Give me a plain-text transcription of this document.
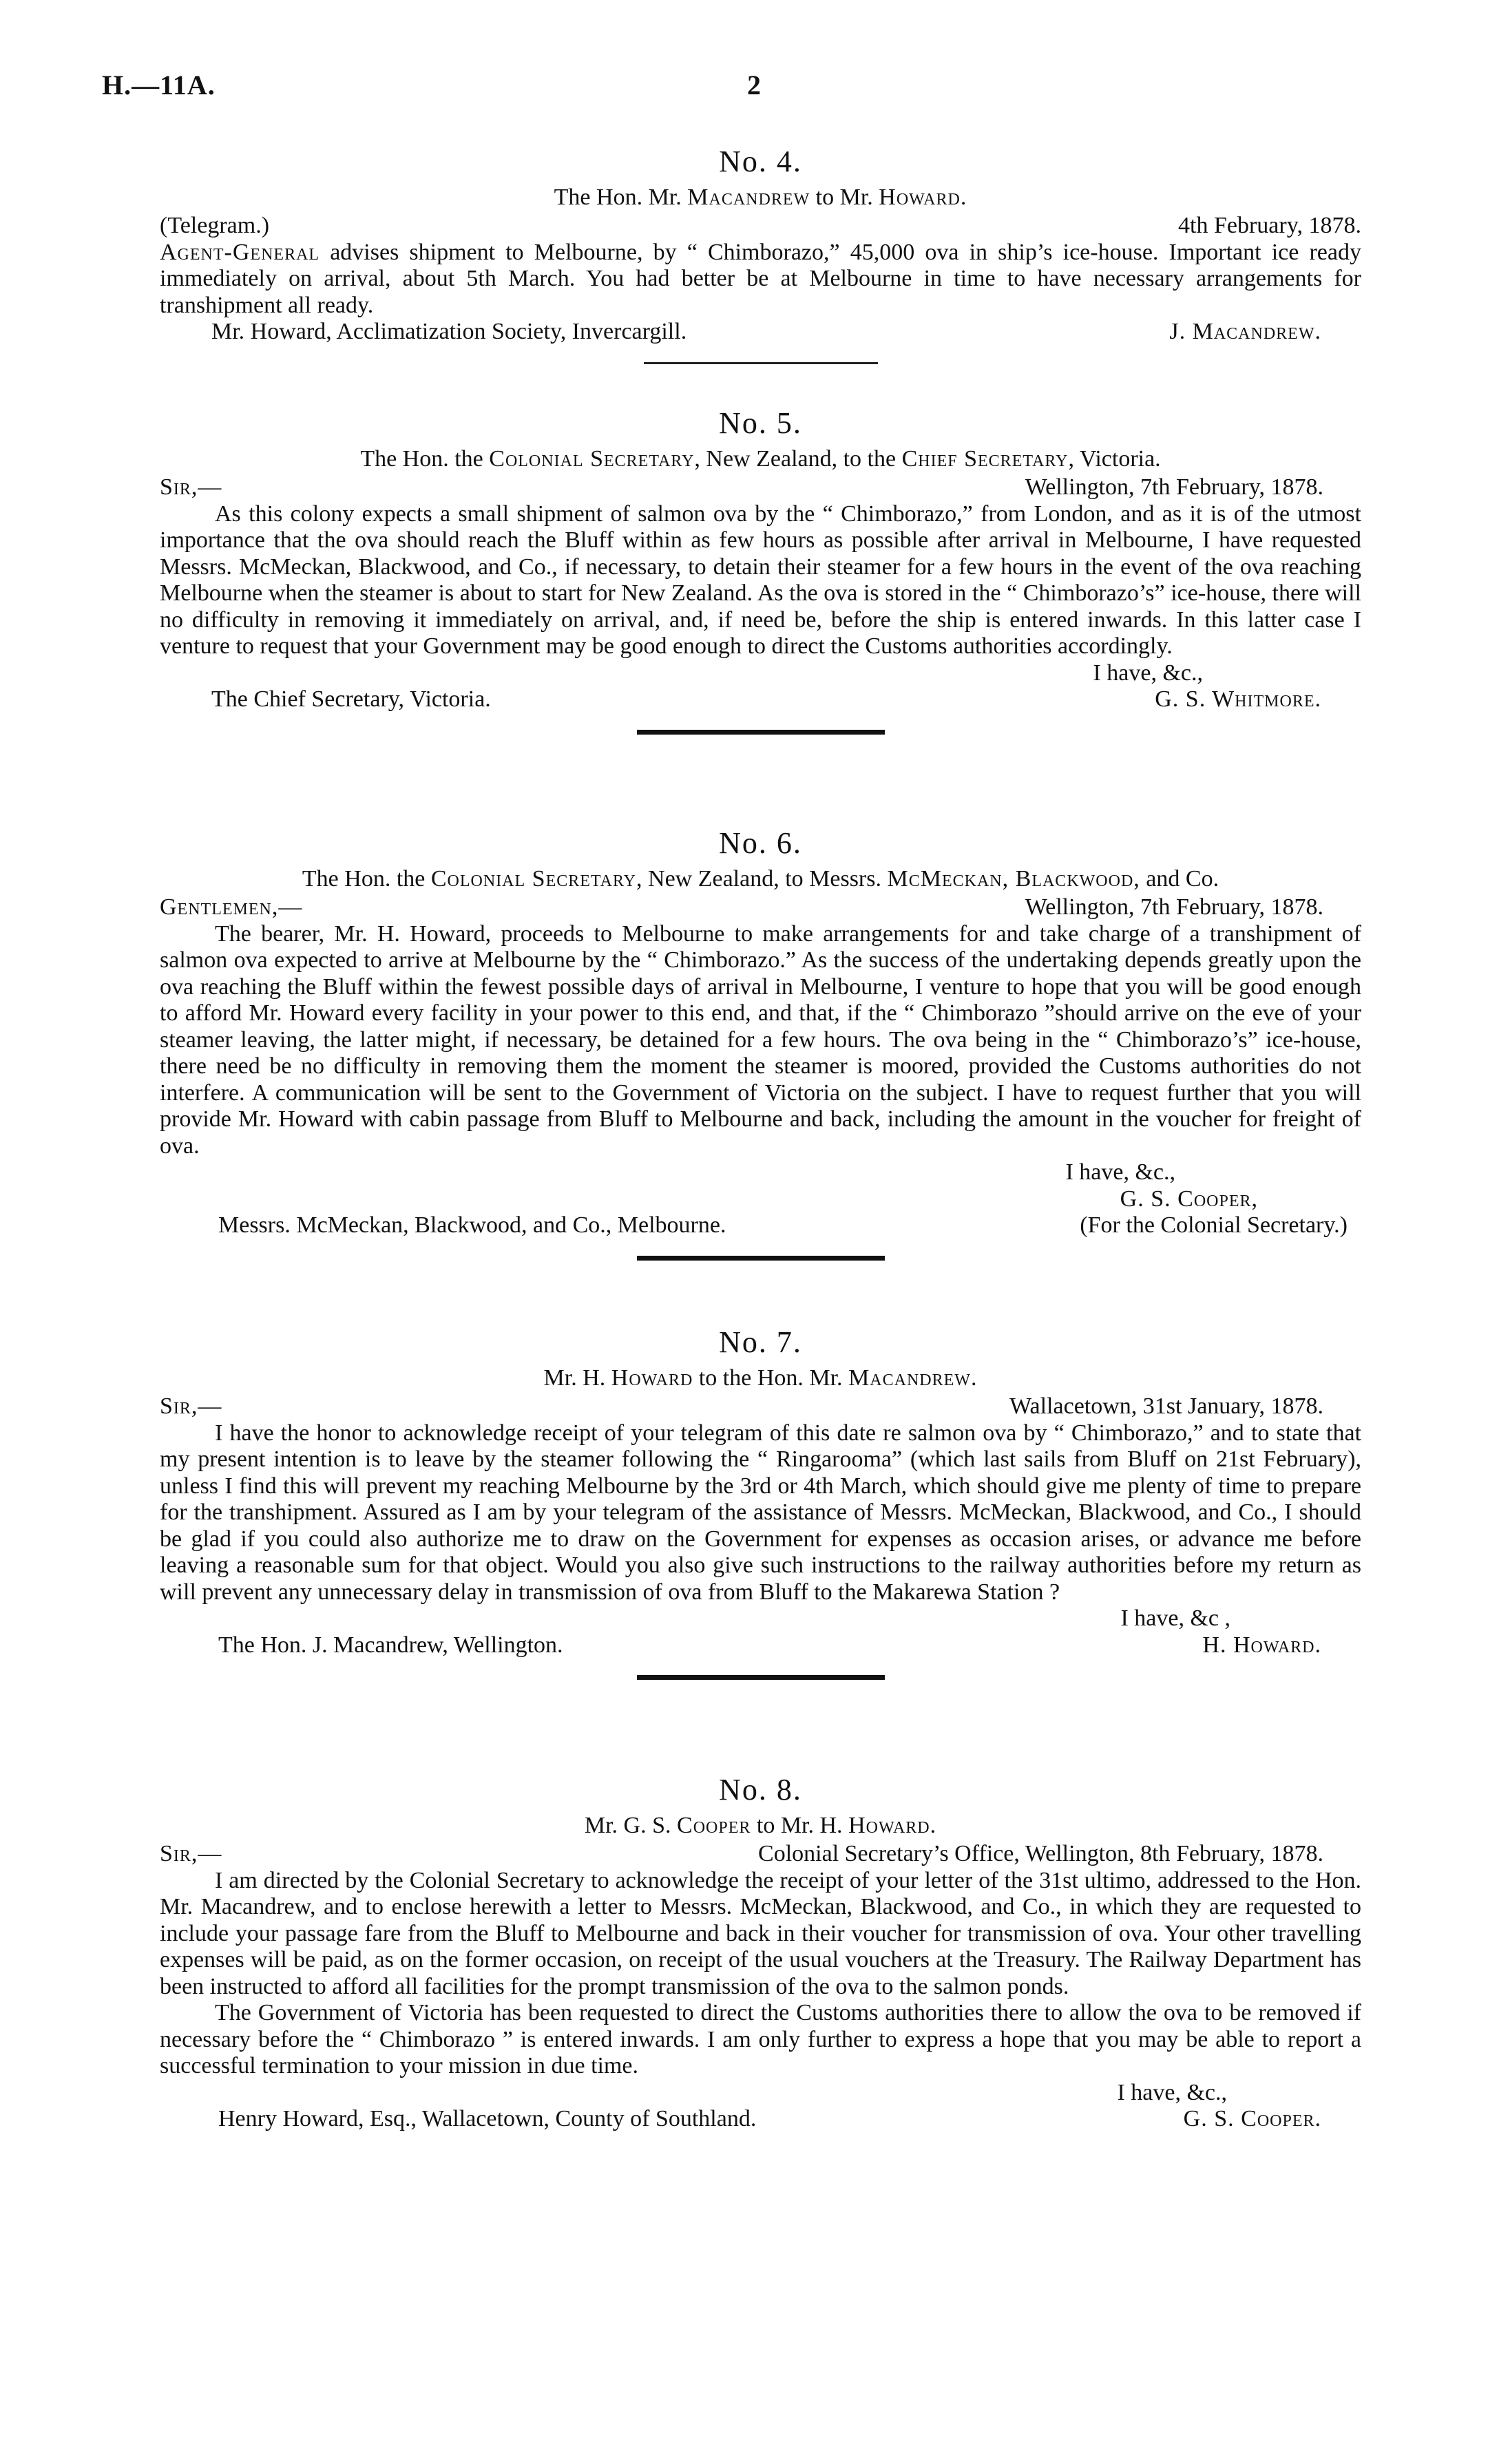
H.—11A.	2

No. 4.

The Hon. Mr. Macandrew to Mr. Howard.

(Telegram.)	4th February, 1878.

Agent-General advises shipment to Melbourne, by “ Chimborazo,” 45,000 ova in ship’s ice-house. Important ice ready immediately on arrival, about 5th March. You had better be at Melbourne in time to have necessary arrangements for transhipment all ready.

Mr. Howard, Acclimatization Society, Invercargill.	J. Macandrew.

No. 5.

The Hon. the Colonial Secretary, New Zealand, to the Chief Secretary, Victoria.

Sir,—	Wellington, 7th February, 1878.

As this colony expects a small shipment of salmon ova by the “ Chimborazo,” from London, and as it is of the utmost importance that the ova should reach the Bluff within as few hours as possible after arrival in Melbourne, I have requested Messrs. McMeckan, Blackwood, and Co., if necessary, to detain their steamer for a few hours in the event of the ova reaching Melbourne when the steamer is about to start for New Zealand. As the ova is stored in the “ Chimborazo’s” ice-house, there will no difficulty in removing it immediately on arrival, and, if need be, before the ship is entered inwards. In this latter case I venture to request that your Government may be good enough to direct the Customs authorities accordingly.

I have, &c.,
The Chief Secretary, Victoria.	G. S. Whitmore.

No. 6.

The Hon. the Colonial Secretary, New Zealand, to Messrs. McMeckan, Blackwood, and Co.

Gentlemen,—	Wellington, 7th February, 1878.

The bearer, Mr. H. Howard, proceeds to Melbourne to make arrangements for and take charge of a transhipment of salmon ova expected to arrive at Melbourne by the “ Chimborazo.” As the success of the undertaking depends greatly upon the ova reaching the Bluff within the fewest possible days of arrival in Melbourne, I venture to hope that you will be good enough to afford Mr. Howard every facility in your power to this end, and that, if the “ Chimborazo ”should arrive on the eve of your steamer leaving, the latter might, if necessary, be detained for a few hours. The ova being in the “ Chimborazo’s” ice-house, there need be no difficulty in removing them the moment the steamer is moored, provided the Customs authorities do not interfere. A communication will be sent to the Government of Victoria on the subject. I have to request further that you will provide Mr. Howard with cabin passage from Bluff to Melbourne and back, including the amount in the voucher for freight of ova.

I have, &c.,
G. S. Cooper,
Messrs. McMeckan, Blackwood, and Co., Melbourne.	(For the Colonial Secretary.)

No. 7.

Mr. H. Howard to the Hon. Mr. Macandrew.

Sir,—	Wallacetown, 31st January, 1878.

I have the honor to acknowledge receipt of your telegram of this date re salmon ova by “ Chimborazo,” and to state that my present intention is to leave by the steamer following the “ Ringarooma” (which last sails from Bluff on 21st February), unless I find this will prevent my reaching Melbourne by the 3rd or 4th March, which should give me plenty of time to prepare for the transhipment. Assured as I am by your telegram of the assistance of Messrs. McMeckan, Blackwood, and Co., I should be glad if you could also authorize me to draw on the Government for expenses as occasion arises, or advance me before leaving a reasonable sum for that object. Would you also give such instructions to the railway authorities before my return as will prevent any unnecessary delay in transmission of ova from Bluff to the Makarewa Station ?

I have, &c ,
The Hon. J. Macandrew, Wellington.	H. Howard.

No. 8.

Mr. G. S. Cooper to Mr. H. Howard.

Sir,—	Colonial Secretary’s Office, Wellington, 8th February, 1878.

I am directed by the Colonial Secretary to acknowledge the receipt of your letter of the 31st ultimo, addressed to the Hon. Mr. Macandrew, and to enclose herewith a letter to Messrs. McMeckan, Blackwood, and Co., in which they are requested to include your passage fare from the Bluff to Melbourne and back in their voucher for transmission of ova. Your other travelling expenses will be paid, as on the former occasion, on receipt of the usual vouchers at the Treasury. The Railway Department has been instructed to afford all facilities for the prompt transmission of the ova to the salmon ponds.

The Government of Victoria has been requested to direct the Customs authorities there to allow the ova to be removed if necessary before the “ Chimborazo ” is entered inwards. I am only further to express a hope that you may be able to report a successful termination to your mission in due time.

I have, &c.,
Henry Howard, Esq., Wallacetown, County of Southland.	G. S. Cooper.
